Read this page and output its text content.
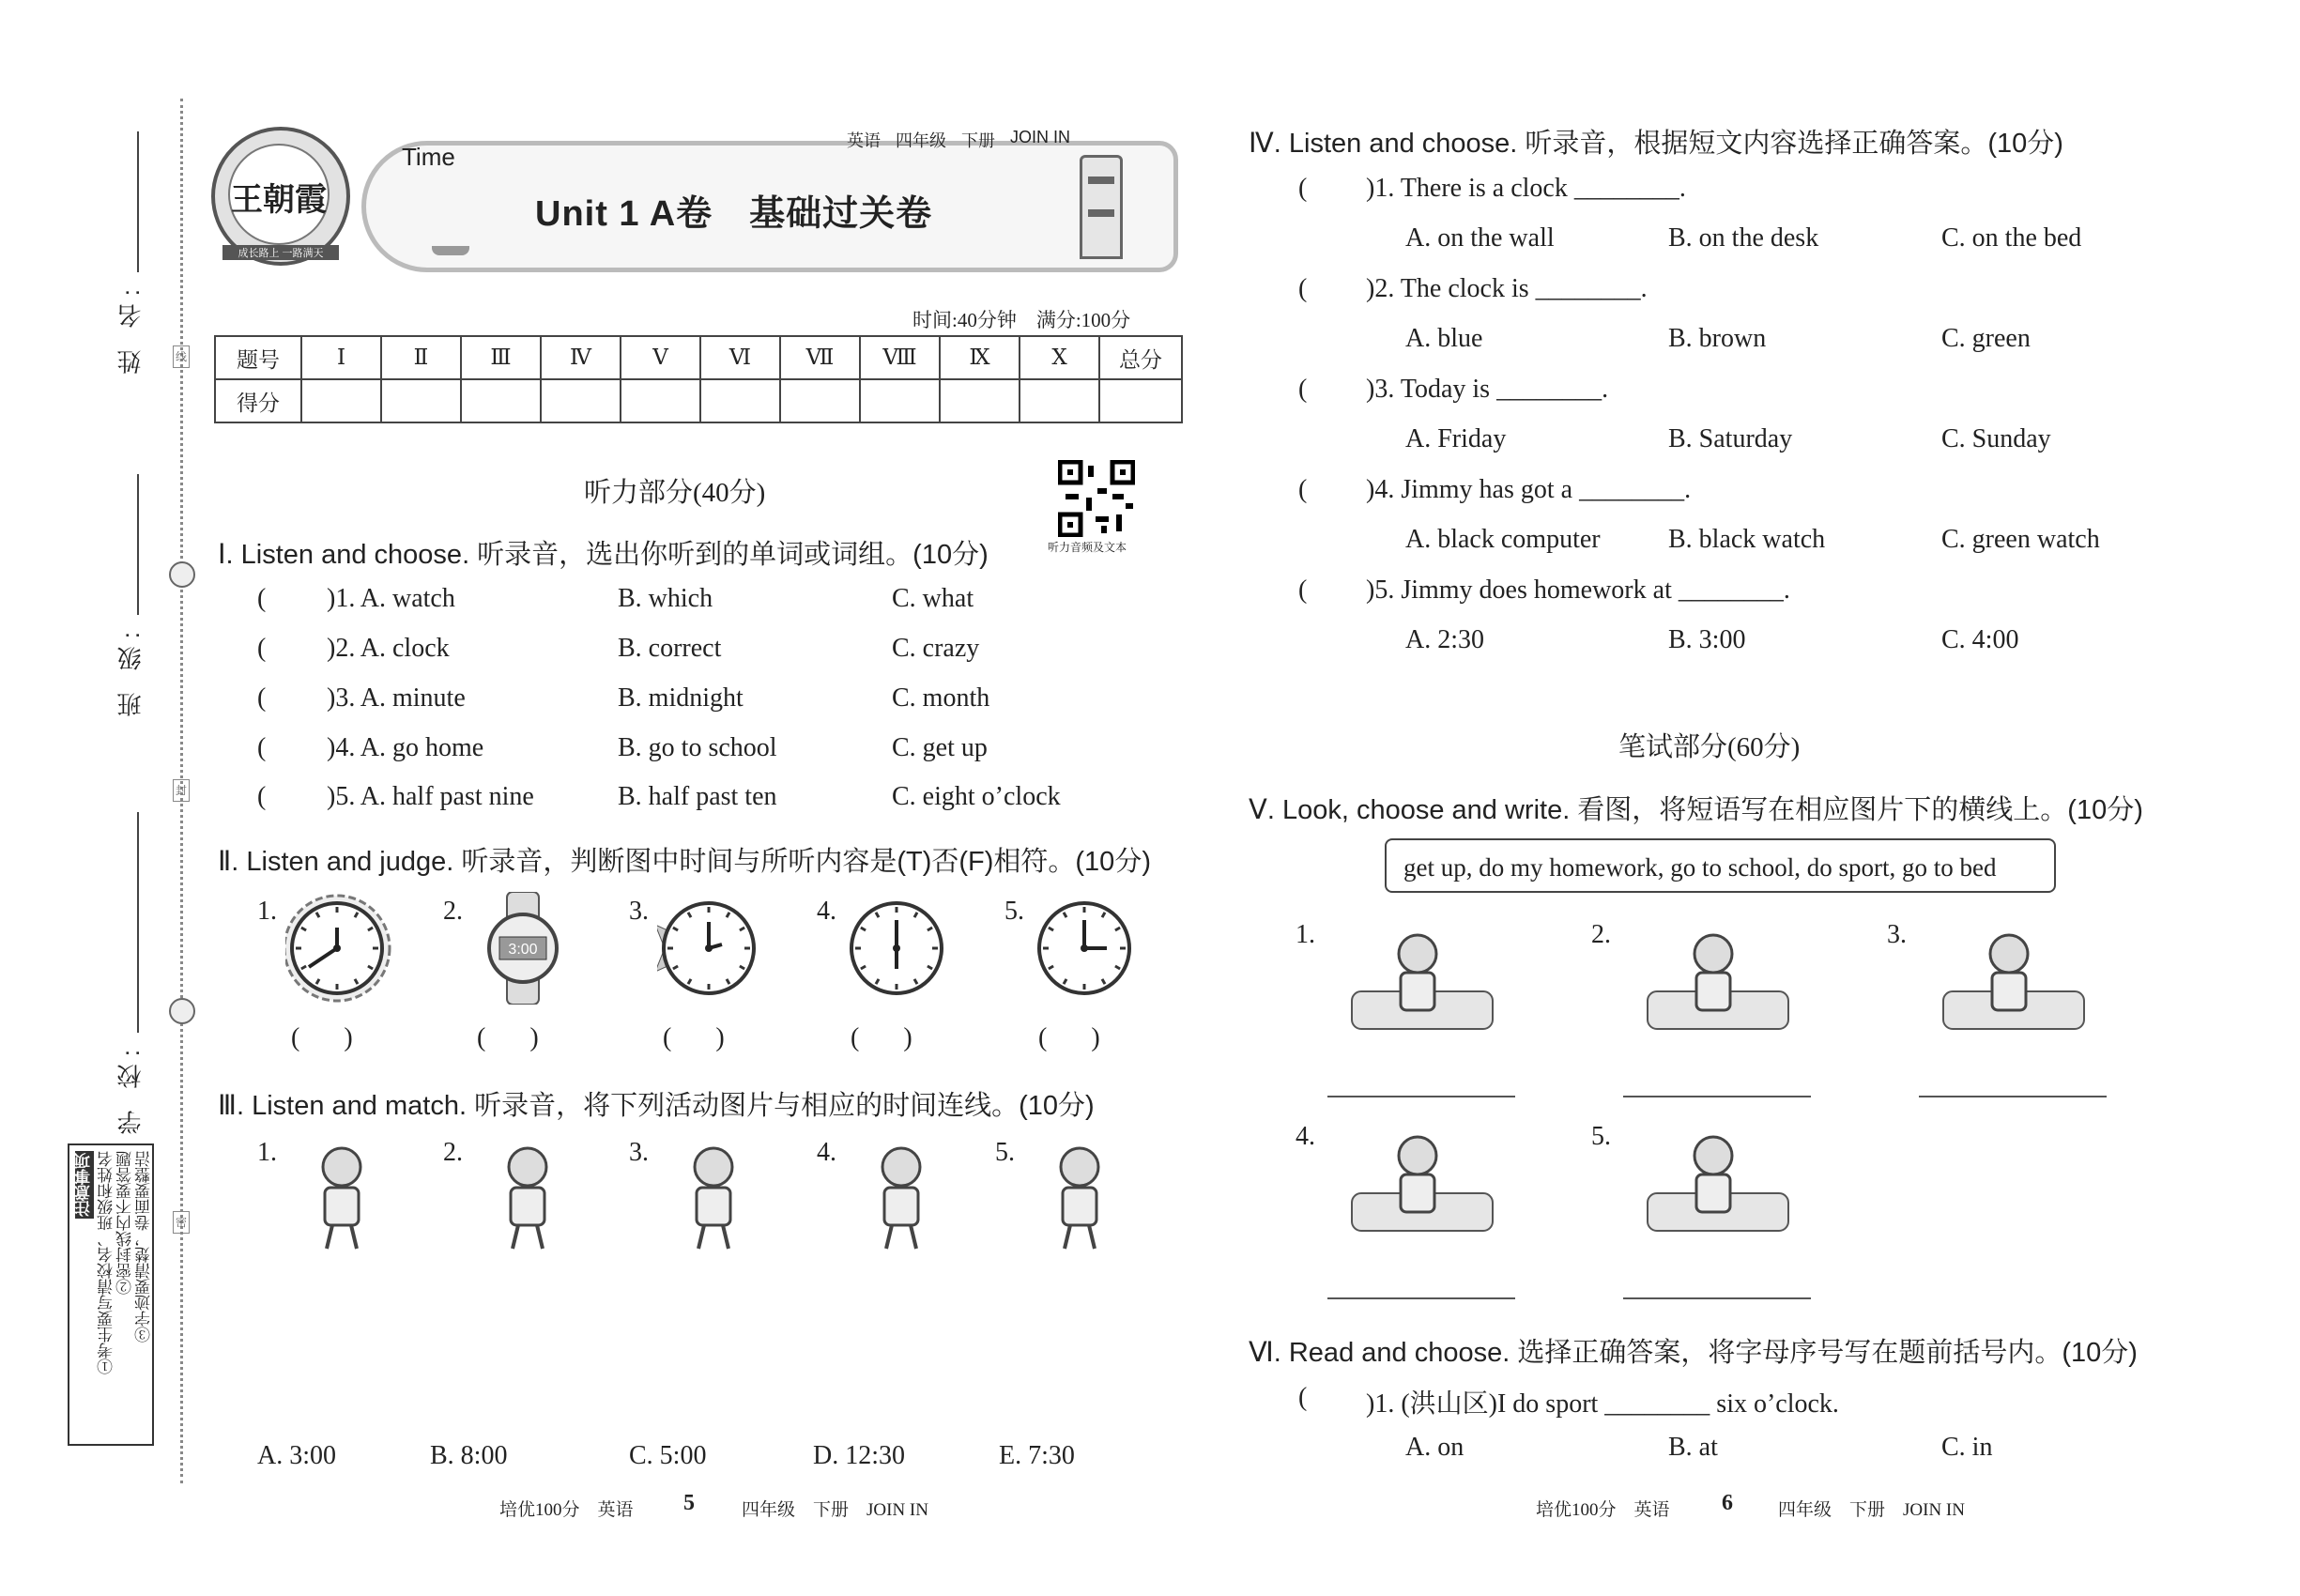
线
封
密
姓 名:
班 级:
学 校:
注意事项 ①考生要写清校名、班级和姓名 ②密封线内不要答题 ③字迹要清楚，卷面要整洁
王朝霞
成长路上 一路满天
Time
英语 四年级 下册 JOIN IN
Unit 1 A卷　基础过关卷
时间:40分钟　满分:100分
题号	Ⅰ	Ⅱ	Ⅲ	Ⅳ	Ⅴ	Ⅵ	Ⅶ	Ⅷ	Ⅸ	Ⅹ	总分
得分											
听力部分(40分)
听力音频及文本
Ⅰ. Listen and choose. 听录音，选出你听到的单词或词组。(10分)
( )1. A. watch	B. which	C. what
( )2. A. clock	B. correct	C. crazy
( )3. A. minute	B. midnight	C. month
( )4. A. go home	B. go to school	C. get up
( )5. A. half past nine	B. half past ten	C. eight o’clock
Ⅱ. Listen and judge. 听录音，判断图中时间与所听内容是(T)否(F)相符。(10分)
1.
( )
2.
3:00
( )
3.
( )
4.
( )
5.
( )
Ⅲ. Listen and match. 听录音，将下列活动图片与相应的时间连线。(10分)
1.	2.	3.	4.	5.
A. 3:00	B. 8:00	C. 5:00	D. 12:30	E. 7:30
Ⅳ. Listen and choose. 听录音，根据短文内容选择正确答案。(10分)
( )1. There is a clock ________.
A. on the wall	B. on the desk	C. on the bed
( )2. The clock is ________.
A. blue	B. brown	C. green
( )3. Today is ________.
A. Friday	B. Saturday	C. Sunday
( )4. Jimmy has got a ________.
A. black computer	B. black watch	C. green watch
( )5. Jimmy does homework at ________.
A. 2:30	B. 3:00	C. 4:00
笔试部分(60分)
Ⅴ. Look, choose and write. 看图，将短语写在相应图片下的横线上。(10分)
get up, do my homework, go to school, do sport, go to bed
1.	2.	3.
4.	5.
Ⅵ. Read and choose. 选择正确答案，将字母序号写在题前括号内。(10分)
( )1. (洪山区)I do sport ________ six o’clock.
A. on	B. at	C. in
培优100分　英语 5	四年级　下册　JOIN IN	培优100分　英语 6	四年级　下册　JOIN IN
